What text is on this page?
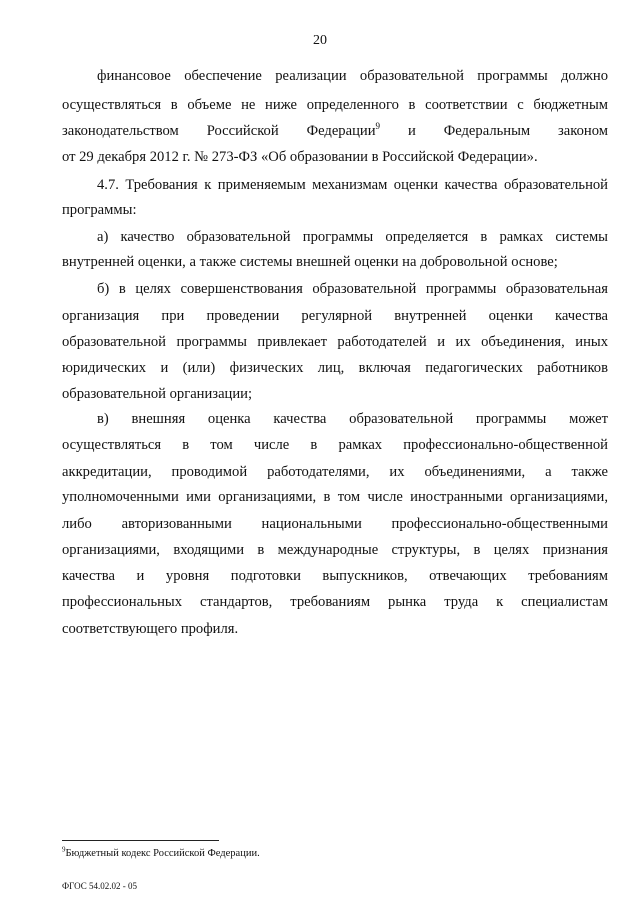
20
финансовое обеспечение реализации образовательной программы должно
осуществляться в объеме не ниже определенного в соответствии с бюджетным
законодательством Российской Федерации$^9$ и Федеральным законом
от 29 декабря 2012 г. № 273-ФЗ «Об образовании в Российской Федерации».
4.7. Требования к применяемым механизмам оценки качества образовательной
программы:
а) качество образовательной программы определяется в рамках системы
внутренней оценки, а также системы внешней оценки на добровольной основе;
б) в целях совершенствования образовательной программы образовательная
организация при проведении регулярной внутренней оценки качества
образовательной программы привлекает работодателей и их объединения, иных
юридических и (или) физических лиц, включая педагогических работников
образовательной организации;
в) внешняя оценка качества образовательной программы может
осуществляться в том числе в рамках профессионально-общественной
аккредитации, проводимой работодателями, их объединениями, а также
уполномоченными ими организациями, в том числе иностранными организациями,
либо авторизованными национальными профессионально-общественными
организациями, входящими в международные структуры, в целях признания
качества и уровня подготовки выпускников, отвечающих требованиям
профессиональных стандартов, требованиям рынка труда к специалистам
соответствующего профиля.
$^9$Бюджетный кодекс Российской Федерации.
ФГОС 54.02.02 - 05
